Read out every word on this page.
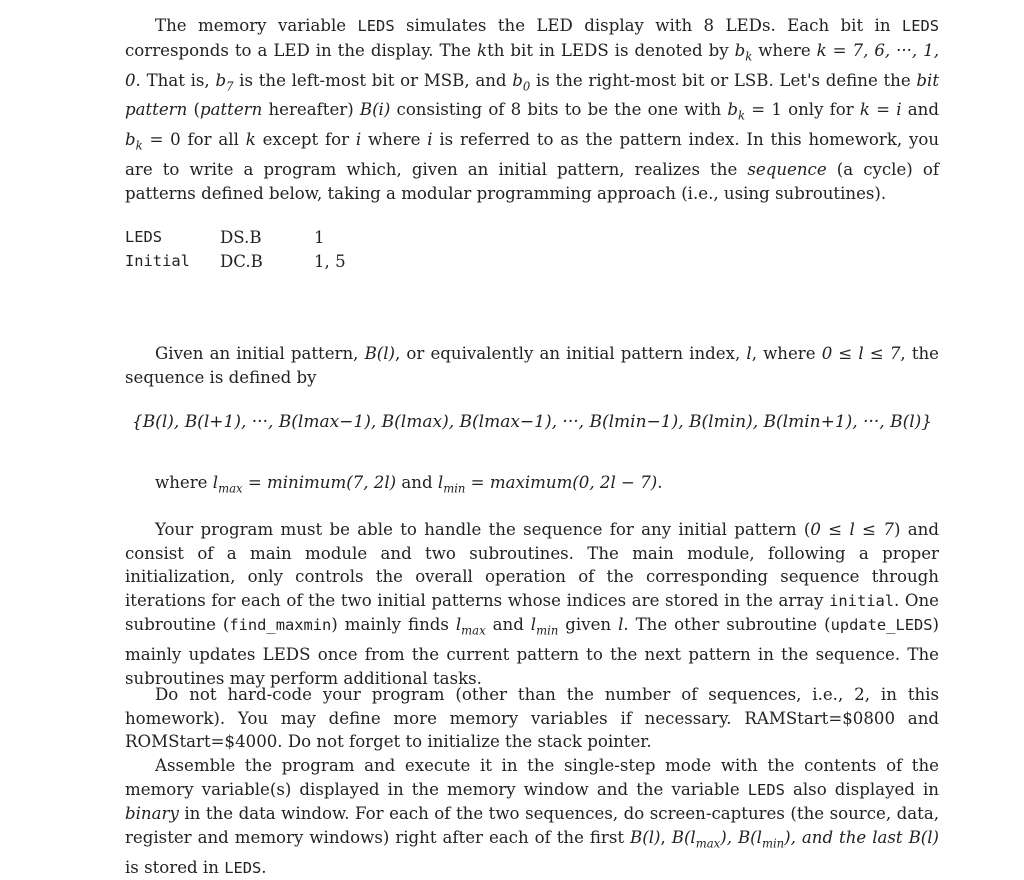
The memory variable LEDS simulates the LED display with 8 LEDs. Each bit in LEDS corresponds to a LED in the display. The kth bit in LEDS is denoted by $b_k$ where k = 7, 6, ···, 1, 0. That is, $b_7$ is the left-most bit or MSB, and $b_0$ is the right-most bit or LSB. Let's define the bit pattern (pattern hereafter) B(i) consisting of 8 bits to be the one with $b_k = 1$ only for k = i and $b_k = 0$ for all k except for i where i is referred to as the pattern index. In this homework, you are to write a program which, given an initial pattern, realizes the sequence (a cycle) of patterns defined below, taking a modular programming approach (i.e., using subroutines).

LEDS	DS.B	1
Initial	DC.B	1, 5

Given an initial pattern, B(l), or equivalently an initial pattern index, l, where 0 ≤ l ≤ 7, the sequence is defined by

{B(l), B(l+1), ···, B(lmax−1), B(lmax), B(lmax−1), ···, B(lmin−1), B(lmin), B(lmin+1), ···, B(l)}

where $l_{max}$ = minimum(7, 2l) and $l_{min}$ = maximum(0, 2l − 7).

Your program must be able to handle the sequence for any initial pattern (0 ≤ l ≤ 7) and consist of a main module and two subroutines. The main module, following a proper initialization, only controls the overall operation of the corresponding sequence through iterations for each of the two initial patterns whose indices are stored in the array initial. One subroutine (find_maxmin) mainly finds $l_{max}$ and $l_{min}$ given l. The other subroutine (update_LEDS) mainly updates LEDS once from the current pattern to the next pattern in the sequence. The subroutines may perform additional tasks.

Do not hard-code your program (other than the number of sequences, i.e., 2, in this homework). You may define more memory variables if necessary. RAMStart=$0800 and ROMStart=$4000. Do not forget to initialize the stack pointer.

Assemble the program and execute it in the single-step mode with the contents of the memory variable(s) displayed in the memory window and the variable LEDS also displayed in binary in the data window. For each of the two sequences, do screen-captures (the source, data, register and memory windows) right after each of the first B(l), $B(l_{max})$, $B(l_{min})$, and the last B(l) is stored in LEDS.
